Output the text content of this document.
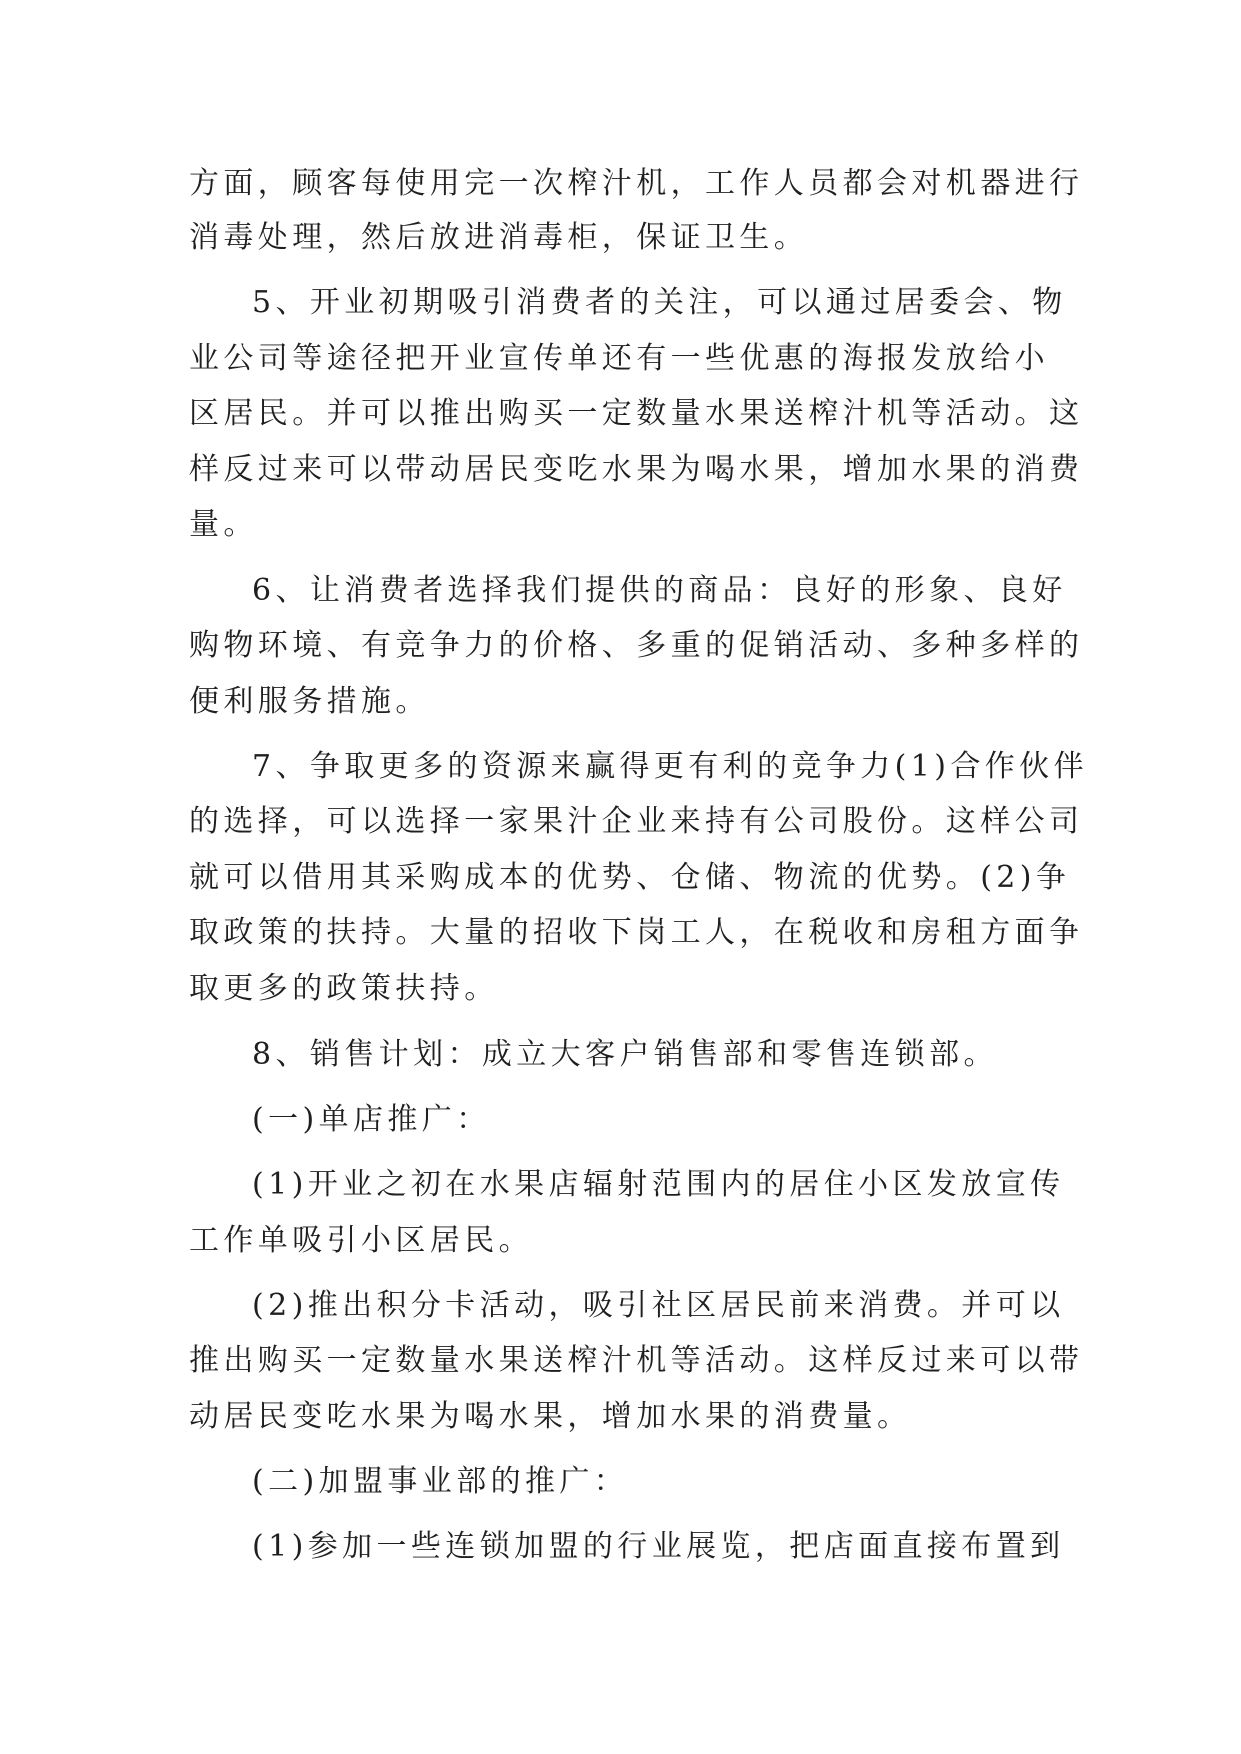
方面，顾客每使用完一次榨汁机，工作人员都会对机器进行

消毒处理，然后放进消毒柜，保证卫生。

5、开业初期吸引消费者的关注，可以通过居委会、物

业公司等途径把开业宣传单还有一些优惠的海报发放给小

区居民。并可以推出购买一定数量水果送榨汁机等活动。这

样反过来可以带动居民变吃水果为喝水果，增加水果的消费

量。

6、让消费者选择我们提供的商品：良好的形象、良好

购物环境、有竞争力的价格、多重的促销活动、多种多样的

便利服务措施。

7、争取更多的资源来赢得更有利的竞争力(1)合作伙伴

的选择，可以选择一家果汁企业来持有公司股份。这样公司

就可以借用其采购成本的优势、仓储、物流的优势。(2)争

取政策的扶持。大量的招收下岗工人，在税收和房租方面争

取更多的政策扶持。

8、销售计划：成立大客户销售部和零售连锁部。

(一)单店推广：

(1)开业之初在水果店辐射范围内的居住小区发放宣传

工作单吸引小区居民。

(2)推出积分卡活动，吸引社区居民前来消费。并可以

推出购买一定数量水果送榨汁机等活动。这样反过来可以带

动居民变吃水果为喝水果，增加水果的消费量。

(二)加盟事业部的推广：

(1)参加一些连锁加盟的行业展览，把店面直接布置到
